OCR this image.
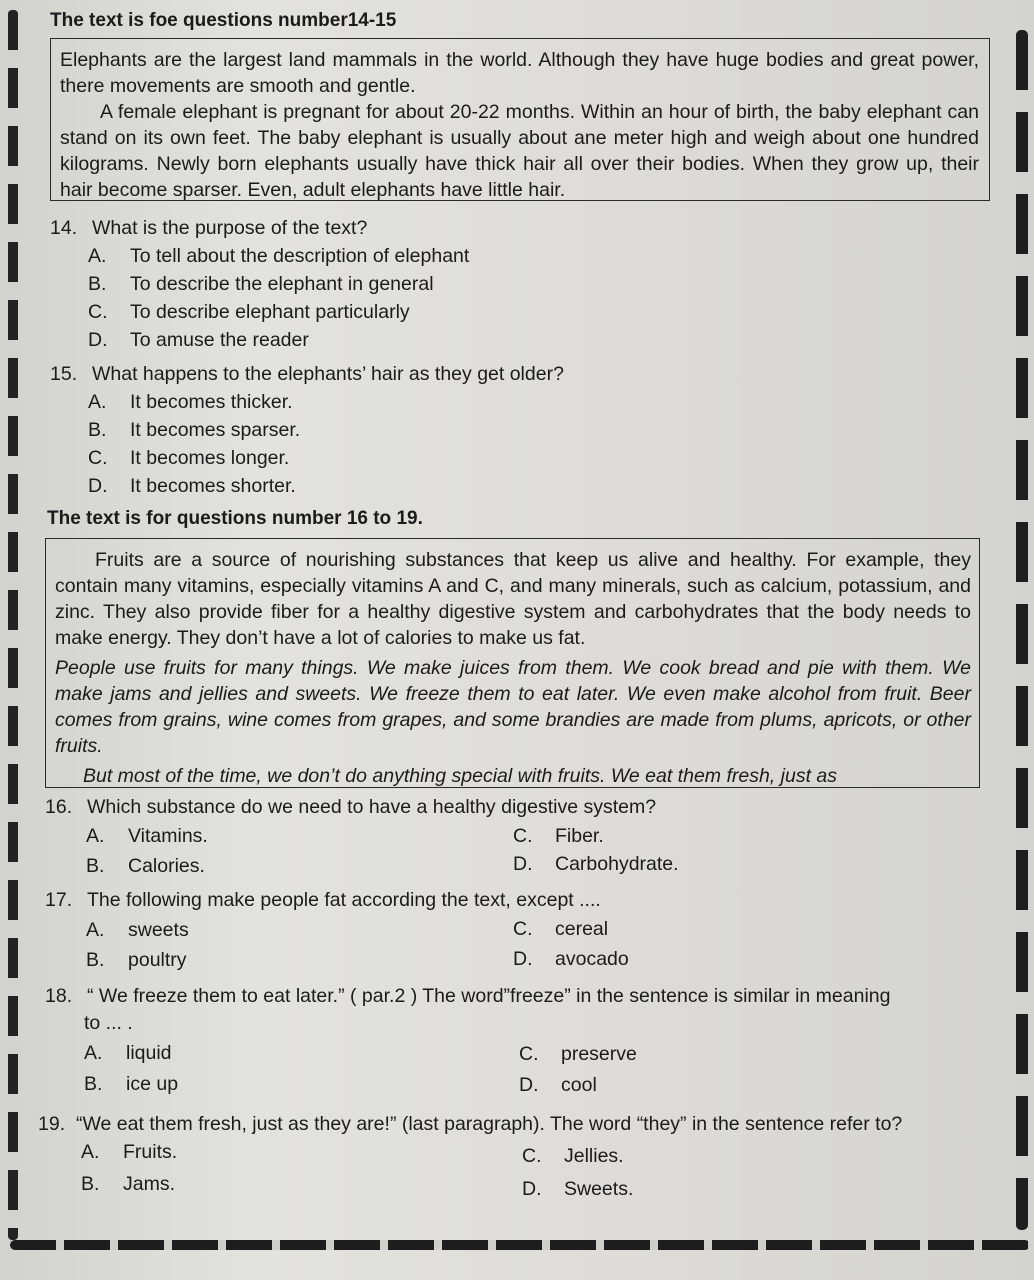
The text is foe questions number14-15

Elephants are the largest land mammals in the world. Although they have huge bodies and great power, there movements are smooth and gentle.

A female elephant is pregnant for about 20-22 months. Within an hour of birth, the baby elephant can stand on its own feet. The baby elephant is usually about ane meter high and weigh about one hundred kilograms. Newly born elephants usually have thick hair all over their bodies. When they grow up, their hair become sparser. Even, adult elephants have little hair.

14. What is the purpose of the text?
A. To tell about the description of elephant
B. To describe the elephant in general
C. To describe elephant particularly
D. To amuse the reader
15. What happens to the elephants’ hair as they get older?
A. It becomes thicker.
B. It becomes sparser.
C. It becomes longer.
D. It becomes shorter.
The text is for questions number 16 to 19.

Fruits are a source of nourishing substances that keep us alive and healthy. For example, they contain many vitamins, especially vitamins A and C, and many minerals, such as calcium, potassium, and zinc. They also provide fiber for a healthy digestive system and carbohydrates that the body needs to make energy. They don’t have a lot of calories to make us fat.

People use fruits for many things. We make juices from them. We cook bread and pie with them. We make jams and jellies and sweets. We freeze them to eat later. We even make alcohol from fruit. Beer comes from grains, wine comes from grapes, and some brandies are made from plums, apricots, or other fruits.

But most of the time, we don’t do anything special with fruits. We eat them fresh, just as

16. Which substance do we need to have a healthy digestive system?
A. Vitamins.	C. Fiber.
B. Calories.	D. Carbohydrate.
17. The following make people fat according the text, except ....
A. sweets	C. cereal
B. poultry	D. avocado
18. “ We freeze them to eat later.” ( par.2 ) The word”freeze” in the sentence is similar in meaning
to ... .
A. liquid	C. preserve
B. ice up	D. cool
19. “We eat them fresh, just as they are!” (last paragraph). The word “they” in the sentence refer to?
A. Fruits.	C. Jellies.
B. Jams.	D. Sweets.
